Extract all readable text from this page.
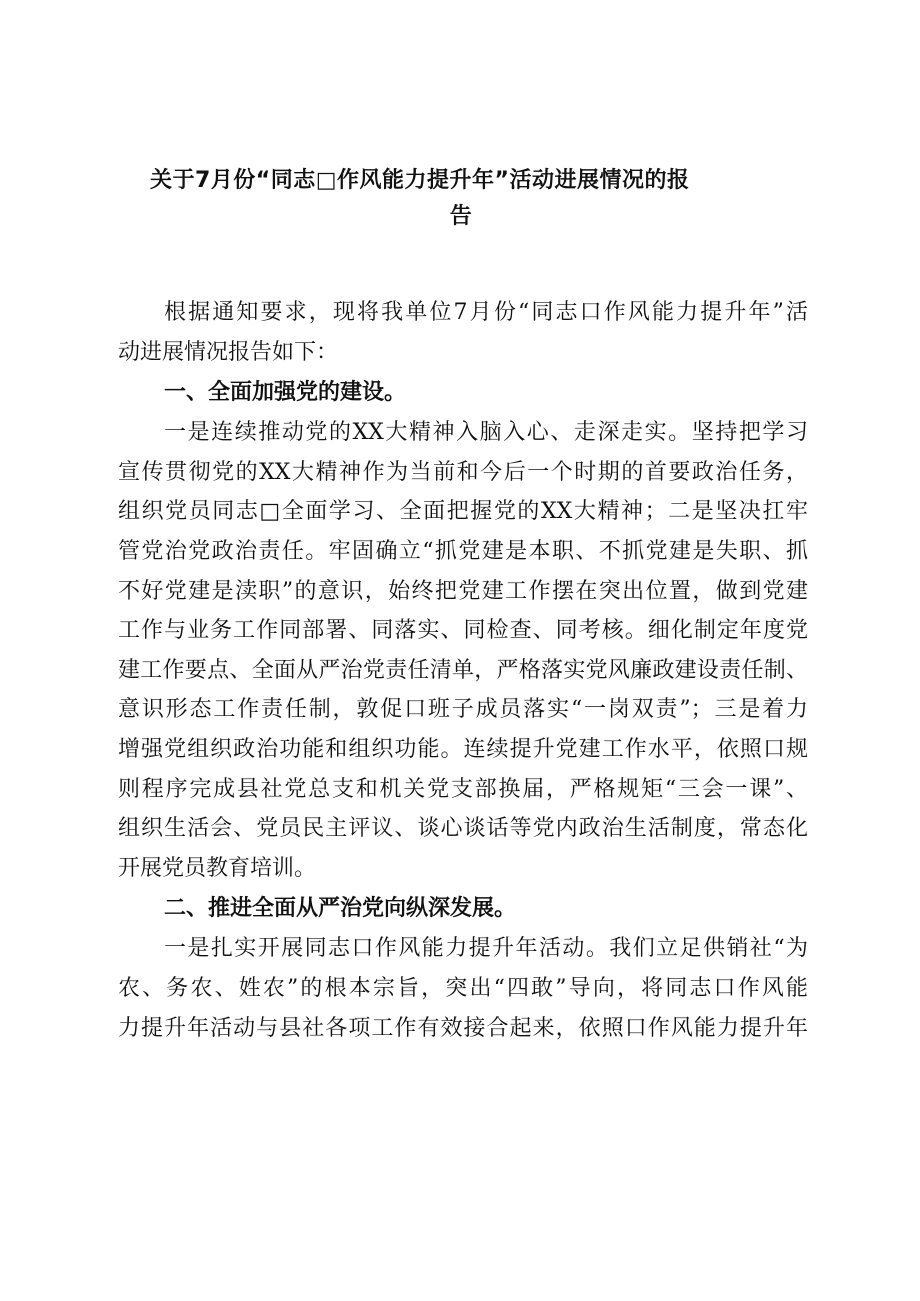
关于7月份“同志□作风能力提升年”活动进展情况的报
告
根据通知要求，现将我单位7月份“同志口作风能力提升年”活
动进展情况报告如下：
一、全面加强党的建设。
一是连续推动党的XX大精神入脑入心、走深走实。坚持把学习
宣传贯彻党的XX大精神作为当前和今后一个时期的首要政治任务，
组织党员同志□全面学习、全面把握党的XX大精神；二是坚决扛牢
管党治党政治责任。牢固确立“抓党建是本职、不抓党建是失职、抓
不好党建是渎职”的意识，始终把党建工作摆在突出位置，做到党建
工作与业务工作同部署、同落实、同检查、同考核。细化制定年度党
建工作要点、全面从严治党责任清单，严格落实党风廉政建设责任制、
意识形态工作责任制，敦促口班子成员落实“一岗双责”；三是着力
增强党组织政治功能和组织功能。连续提升党建工作水平，依照口规
则程序完成县社党总支和机关党支部换届，严格规矩“三会一课”、
组织生活会、党员民主评议、谈心谈话等党内政治生活制度，常态化
开展党员教育培训。
二、推进全面从严治党向纵深发展。
一是扎实开展同志口作风能力提升年活动。我们立足供销社“为
农、务农、姓农”的根本宗旨，突出“四敢”导向，将同志口作风能
力提升年活动与县社各项工作有效接合起来，依照口作风能力提升年
